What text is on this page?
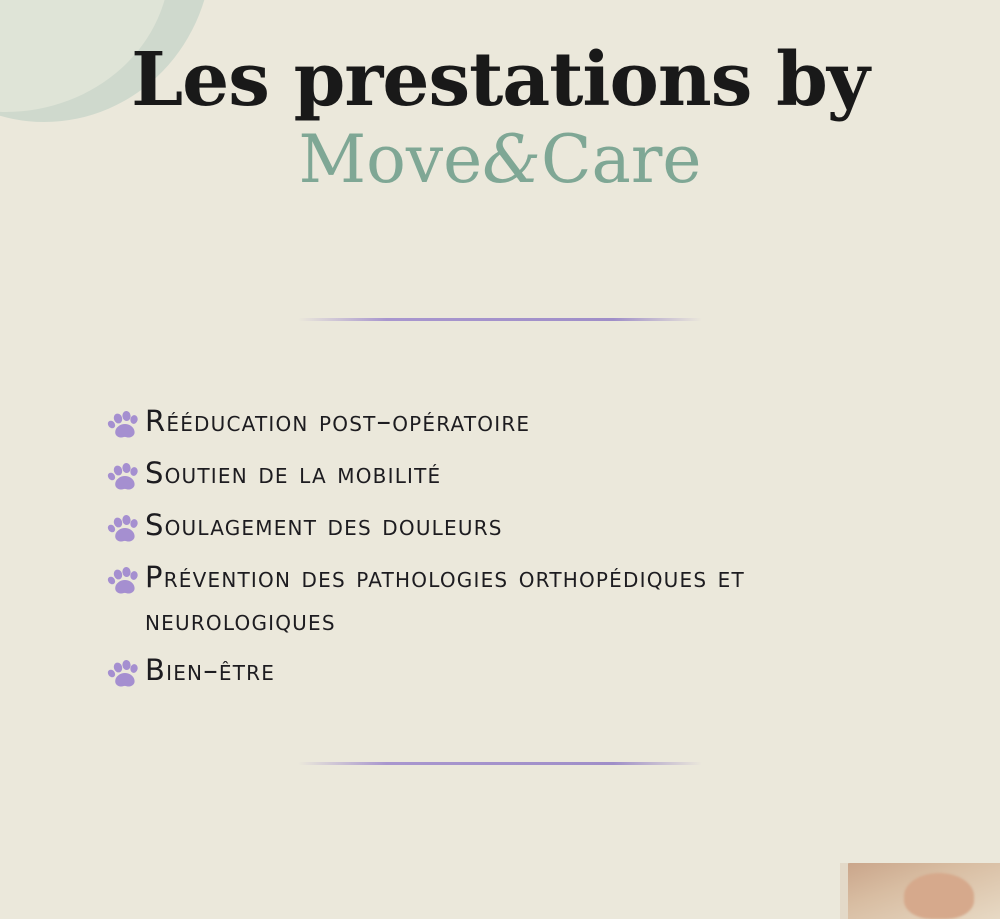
Les prestations by
Move&Care
Rééducation post–opératoire
Soutien de la mobilité
Soulagement des douleurs
Prévention des pathologies orthopédiques et neurologiques
Bien–être
